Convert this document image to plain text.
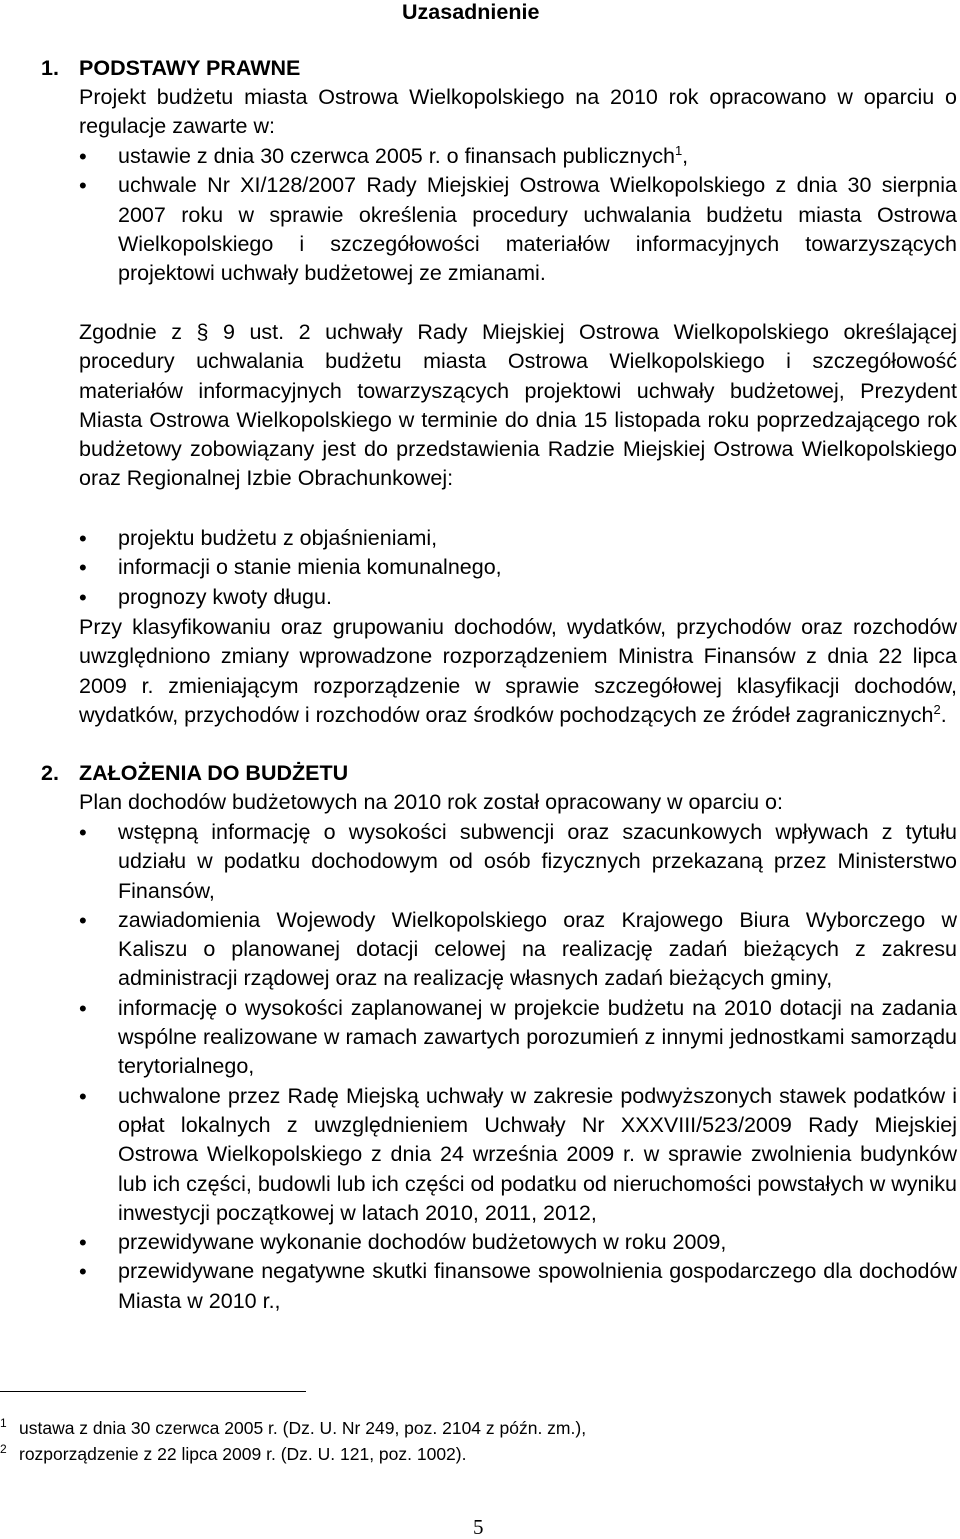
Uzasadnienie
1. PODSTAWY PRAWNE
Projekt budżetu miasta Ostrowa Wielkopolskiego na 2010 rok opracowano w oparciu o regulacje zawarte w:
• ustawie z dnia 30 czerwca 2005 r. o finansach publicznych$^1$,
• uchwale Nr XI/128/2007 Rady Miejskiej Ostrowa Wielkopolskiego z dnia 30 sierpnia 2007 roku w sprawie określenia procedury uchwalania budżetu miasta Ostrowa Wielkopolskiego i szczegółowości materiałów informacyjnych towarzyszących projektowi uchwały budżetowej ze zmianami.
Zgodnie z § 9 ust. 2 uchwały Rady Miejskiej Ostrowa Wielkopolskiego określającej procedury uchwalania budżetu miasta Ostrowa Wielkopolskiego i szczegółowość materiałów informacyjnych towarzyszących projektowi uchwały budżetowej, Prezydent Miasta Ostrowa Wielkopolskiego w terminie do dnia 15 listopada roku poprzedzającego rok budżetowy zobowiązany jest do przedstawienia Radzie Miejskiej Ostrowa Wielkopolskiego oraz Regionalnej Izbie Obrachunkowej:
• projektu budżetu z objaśnieniami,
• informacji o stanie mienia komunalnego,
• prognozy kwoty długu.
Przy klasyfikowaniu oraz grupowaniu dochodów, wydatków, przychodów oraz rozchodów uwzględniono zmiany wprowadzone rozporządzeniem Ministra Finansów z dnia 22 lipca 2009 r. zmieniającym rozporządzenie w sprawie szczegółowej klasyfikacji dochodów, wydatków, przychodów i rozchodów oraz środków pochodzących ze źródeł zagranicznych$^2$.
2. ZAŁOŻENIA DO BUDŻETU
Plan dochodów budżetowych na 2010 rok został opracowany w oparciu o:
• wstępną informację o wysokości subwencji oraz szacunkowych wpływach z tytułu udziału w podatku dochodowym od osób fizycznych przekazaną przez Ministerstwo Finansów,
• zawiadomienia Wojewody Wielkopolskiego oraz Krajowego Biura Wyborczego w Kaliszu o planowanej dotacji celowej na realizację zadań bieżących z zakresu administracji rządowej oraz na realizację własnych zadań bieżących gminy,
• informację o wysokości zaplanowanej w projekcie budżetu na 2010 dotacji na zadania wspólne realizowane w ramach zawartych porozumień z innymi jednostkami samorządu terytorialnego,
• uchwalone przez Radę Miejską uchwały w zakresie podwyższonych stawek podatków i opłat lokalnych z uwzględnieniem Uchwały Nr XXXVIII/523/2009 Rady Miejskiej Ostrowa Wielkopolskiego z dnia 24 września 2009 r. w sprawie zwolnienia budynków lub ich części, budowli lub ich części od podatku od nieruchomości powstałych w wyniku inwestycji początkowej w latach 2010, 2011, 2012,
• przewidywane wykonanie dochodów budżetowych w roku 2009,
• przewidywane negatywne skutki finansowe spowolnienia gospodarczego dla dochodów Miasta w 2010 r.,
1 ustawa z dnia 30 czerwca 2005 r. (Dz. U. Nr 249, poz. 2104 z późn. zm.),
2 rozporządzenie z 22 lipca 2009 r. (Dz. U. 121, poz. 1002).
5
